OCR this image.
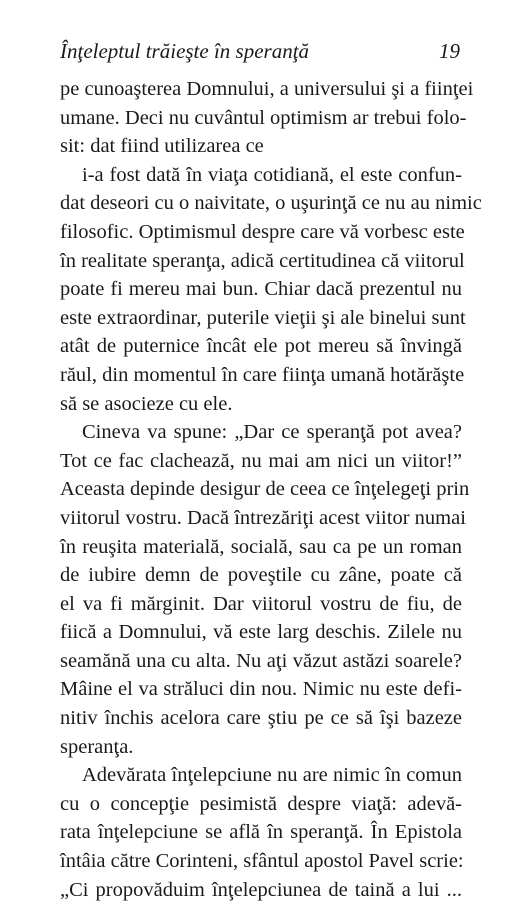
Înţeleptul trăieşte în speranţă	19
pe cunoaşterea Domnului, a universului şi a fiinţei
umane. Deci nu cuvântul optimism ar trebui folo-
sit: dat fiind utilizarea ce
i-a fost dată în viaţa cotidiană, el este confun-
dat deseori cu o naivitate, o uşurinţă ce nu au nimic
filosofic. Optimismul despre care vă vorbesc este
în realitate speranţa, adică certitudinea că viitorul
poate fi mereu mai bun. Chiar dacă prezentul nu
este extraordinar, puterile vieţii şi ale binelui sunt
atât de puternice încât ele pot mereu să învingă
răul, din momentul în care fiinţa umană hotărăşte
să se asocieze cu ele.
Cineva va spune: „Dar ce speranţă pot avea?
Tot ce fac clachează, nu mai am nici un viitor!”
Aceasta depinde desigur de ceea ce înţelegeţi prin
viitorul vostru. Dacă întrezăriţi acest viitor numai
în reuşita materială, socială, sau ca pe un roman
de iubire demn de poveştile cu zâne, poate că
el va fi mărginit. Dar viitorul vostru de fiu, de
fiică a Domnului, vă este larg deschis. Zilele nu
seamănă una cu alta. Nu aţi văzut astăzi soarele?
Mâine el va străluci din nou. Nimic nu este defi-
nitiv închis acelora care ştiu pe ce să îşi bazeze
speranţa.
Adevărata înţelepciune nu are nimic în comun
cu o concepţie pesimistă despre viaţă: adevă-
rata înţelepciune se află în speranţă. În Epistola
întâia către Corinteni, sfântul apostol Pavel scrie:
„Ci propovăduim înţelepciunea de taină a lui ...
